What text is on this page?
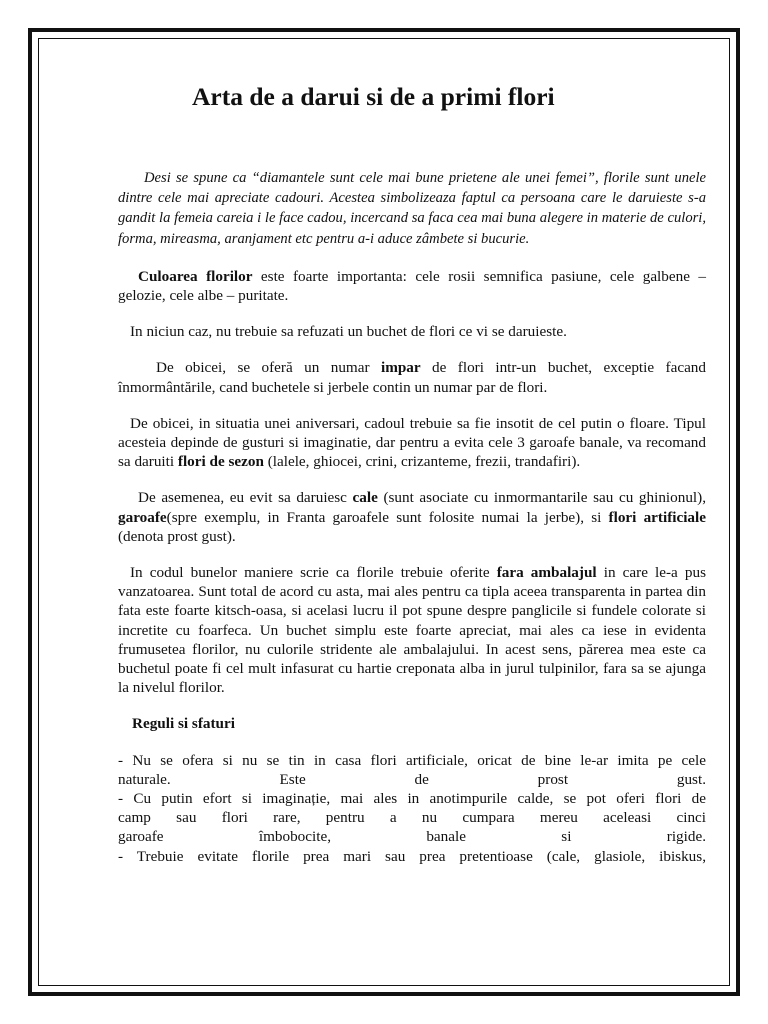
Arta de a darui si de a primi flori

Desi se spune ca “diamantele sunt cele mai bune prietene ale unei femei”, florile sunt unele dintre cele mai apreciate cadouri. Acestea simbolizeaza faptul ca persoana care le daruieste s-a gandit la femeia careia i le face cadou, incercand sa faca cea mai buna alegere in materie de culori, forma, mireasma, aranjament etc pentru a-i aduce zâmbete si bucurie.

Culoarea florilor este foarte importanta: cele rosii semnifica pasiune, cele galbene – gelozie, cele albe – puritate.

In niciun caz, nu trebuie sa refuzati un buchet de flori ce vi se daruieste.

De obicei, se oferă un numar impar de flori intr-un buchet, exceptie facand înmormântările, cand buchetele si jerbele contin un numar par de flori.

De obicei, in situatia unei aniversari, cadoul trebuie sa fie insotit de cel putin o floare. Tipul acesteia depinde de gusturi si imaginatie, dar pentru a evita cele 3 garoafe banale, va recomand sa daruiti flori de sezon (lalele, ghiocei, crini, crizanteme, frezii, trandafiri).

De asemenea, eu evit sa daruiesc cale (sunt asociate cu inmormantarile sau cu ghinionul), garoafe(spre exemplu, in Franta garoafele sunt folosite numai la jerbe), si flori artificiale (denota prost gust).

In codul bunelor maniere scrie ca florile trebuie oferite fara ambalajul in care le-a pus vanzatoarea. Sunt total de acord cu asta, mai ales pentru ca tipla aceea transparenta in partea din fata este foarte kitsch-oasa, si acelasi lucru il pot spune despre panglicile si fundele colorate si incretite cu foarfeca. Un buchet simplu este foarte apreciat, mai ales ca iese in evidenta frumusetea florilor, nu culorile stridente ale ambalajului. In acest sens, părerea mea este ca buchetul poate fi cel mult infasurat cu hartie creponata alba in jurul tulpinilor, fara sa se ajunga la nivelul florilor.

Reguli si sfaturi

- Nu se ofera si nu se tin in casa flori artificiale, oricat de bine le-ar imita pe cele

naturale. Este de prost gust.

- Cu putin efort si imaginație, mai ales in anotimpurile calde, se pot oferi flori de

camp sau flori rare, pentru a nu cumpara mereu aceleasi cinci

garoafe îmbobocite, banale si rigide.

- Trebuie evitate florile prea mari sau prea pretentioase (cale, glasiole, ibiskus,
